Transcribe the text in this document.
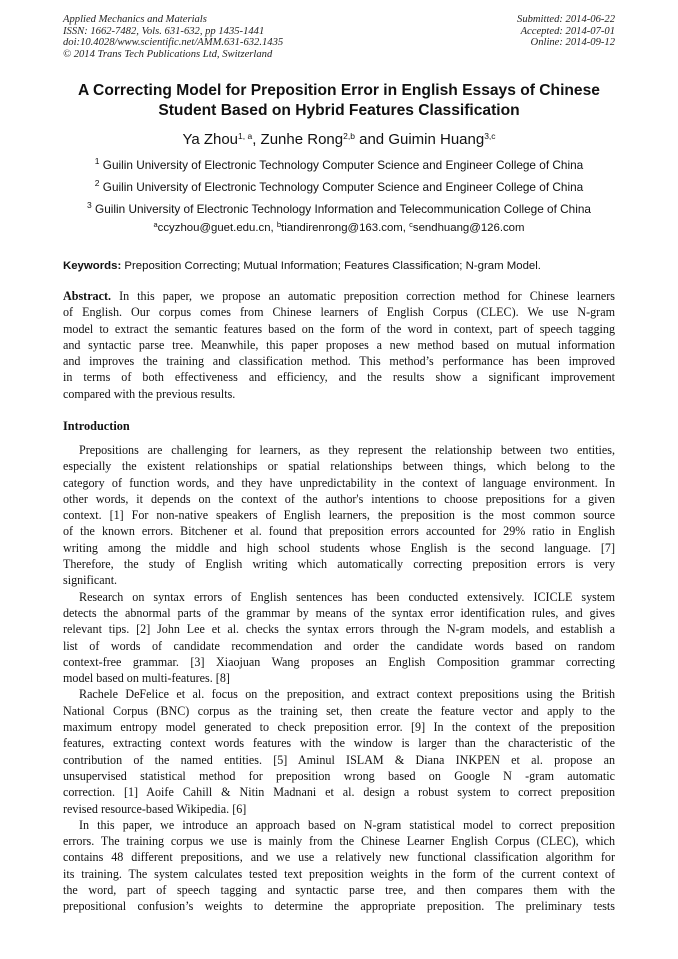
Applied Mechanics and Materials
ISSN: 1662-7482, Vols. 631-632, pp 1435-1441
doi:10.4028/www.scientific.net/AMM.631-632.1435
© 2014 Trans Tech Publications Ltd, Switzerland
Submitted: 2014-06-22
Accepted: 2014-07-01
Online: 2014-09-12
A Correcting Model for Preposition Error in English Essays of Chinese
Student Based on Hybrid Features Classification
Ya Zhou$^{1, a}$, Zunhe Rong$^{2,b}$ and Guimin Huang$^{3,c}$
$^1$ Guilin University of Electronic Technology Computer Science and Engineer College of China
$^2$ Guilin University of Electronic Technology Computer Science and Engineer College of China
$^3$ Guilin University of Electronic Technology Information and Telecommunication College of China
$^a$ccyzhou@guet.edu.cn, $^b$tiandirenrong@163.com, $^c$sendhuang@126.com
Keywords: Preposition Correcting; Mutual Information; Features Classification; N-gram Model.
Abstract. In this paper, we propose an automatic preposition correction method for Chinese learners
of English. Our corpus comes from Chinese learners of English Corpus (CLEC). We use N-gram
model to extract the semantic features based on the form of the word in context, part of speech tagging
and syntactic parse tree. Meanwhile, this paper proposes a new method based on mutual information
and improves the training and classification method. This method’s performance has been improved
in terms of both effectiveness and efficiency, and the results show a significant improvement
compared with the previous results.
Introduction
Prepositions are challenging for learners, as they represent the relationship between two entities,
especially the existent relationships or spatial relationships between things, which belong to the
category of function words, and they have unpredictability in the context of language environment. In
other words, it depends on the context of the author's intentions to choose prepositions for a given
context. [1] For non-native speakers of English learners, the preposition is the most common source
of the known errors. Bitchener et al. found that preposition errors accounted for 29% ratio in English
writing among the middle and high school students whose English is the second language. [7]
Therefore, the study of English writing which automatically correcting preposition errors is very
significant.
Research on syntax errors of English sentences has been conducted extensively. ICICLE system
detects the abnormal parts of the grammar by means of the syntax error identification rules, and gives
relevant tips. [2] John Lee et al. checks the syntax errors through the N-gram models, and establish a
list of words of candidate recommendation and order the candidate words based on random
context-free grammar. [3] Xiaojuan Wang proposes an English Composition grammar correcting
model based on multi-features. [8]
Rachele DeFelice et al. focus on the preposition, and extract context prepositions using the British
National Corpus (BNC) corpus as the training set, then create the feature vector and apply to the
maximum entropy model generated to check preposition error. [9] In the context of the preposition
features, extracting context words features with the window is larger than the characteristic of the
contribution of the named entities. [5] Aminul ISLAM & Diana INKPEN et al. propose an
unsupervised statistical method for preposition wrong based on Google N -gram automatic
correction. [1] Aoife Cahill & Nitin Madnani et al. design a robust system to correct preposition
revised resource-based Wikipedia. [6]
In this paper, we introduce an approach based on N-gram statistical model to correct preposition
errors. The training corpus we use is mainly from the Chinese Learner English Corpus (CLEC), which
contains 48 different prepositions, and we use a relatively new functional classification algorithm for
its training. The system calculates tested text preposition weights in the form of the current context of
the word, part of speech tagging and syntactic parse tree, and then compares them with the
prepositional confusion’s weights to determine the appropriate preposition. The preliminary tests
